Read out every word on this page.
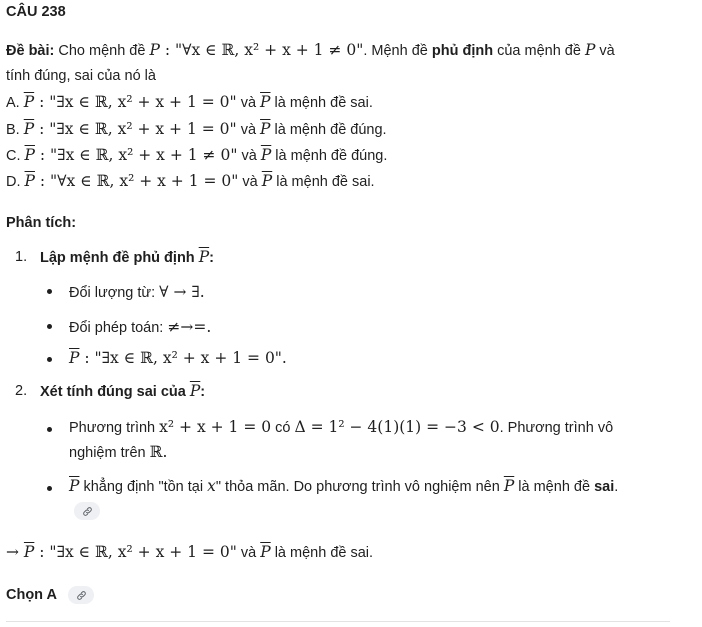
CÂU 238
Đề bài: Cho mệnh đề P : "∀x ∈ ℝ, x² + x + 1 ≠ 0". Mệnh đề phủ định của mệnh đề P và
tính đúng, sai của nó là
A. $\overline{P}$ : "∃x ∈ ℝ, x² + x + 1 = 0" và $\overline{P}$ là mệnh đề sai.
B. $\overline{P}$ : "∃x ∈ ℝ, x² + x + 1 = 0" và $\overline{P}$ là mệnh đề đúng.
C. $\overline{P}$ : "∃x ∈ ℝ, x² + x + 1 ≠ 0" và $\overline{P}$ là mệnh đề đúng.
D. $\overline{P}$ : "∀x ∈ ℝ, x² + x + 1 = 0" và $\overline{P}$ là mệnh đề sai.
Phân tích:
1. Lập mệnh đề phủ định $\overline{P}$:
Đổi lượng từ: ∀ → ∃.
Đổi phép toán: ≠→=.
$\overline{P}$ : "∃x ∈ ℝ, x² + x + 1 = 0".
2. Xét tính đúng sai của $\overline{P}$:
Phương trình x² + x + 1 = 0 có Δ = 1² − 4(1)(1) = −3 < 0. Phương trình vô
nghiệm trên ℝ.
$\overline{P}$ khẳng định "tồn tại x" thỏa mãn. Do phương trình vô nghiệm nên $\overline{P}$ là mệnh đề sai.
→ $\overline{P}$ : "∃x ∈ ℝ, x² + x + 1 = 0" và $\overline{P}$ là mệnh đề sai.
Chọn A
